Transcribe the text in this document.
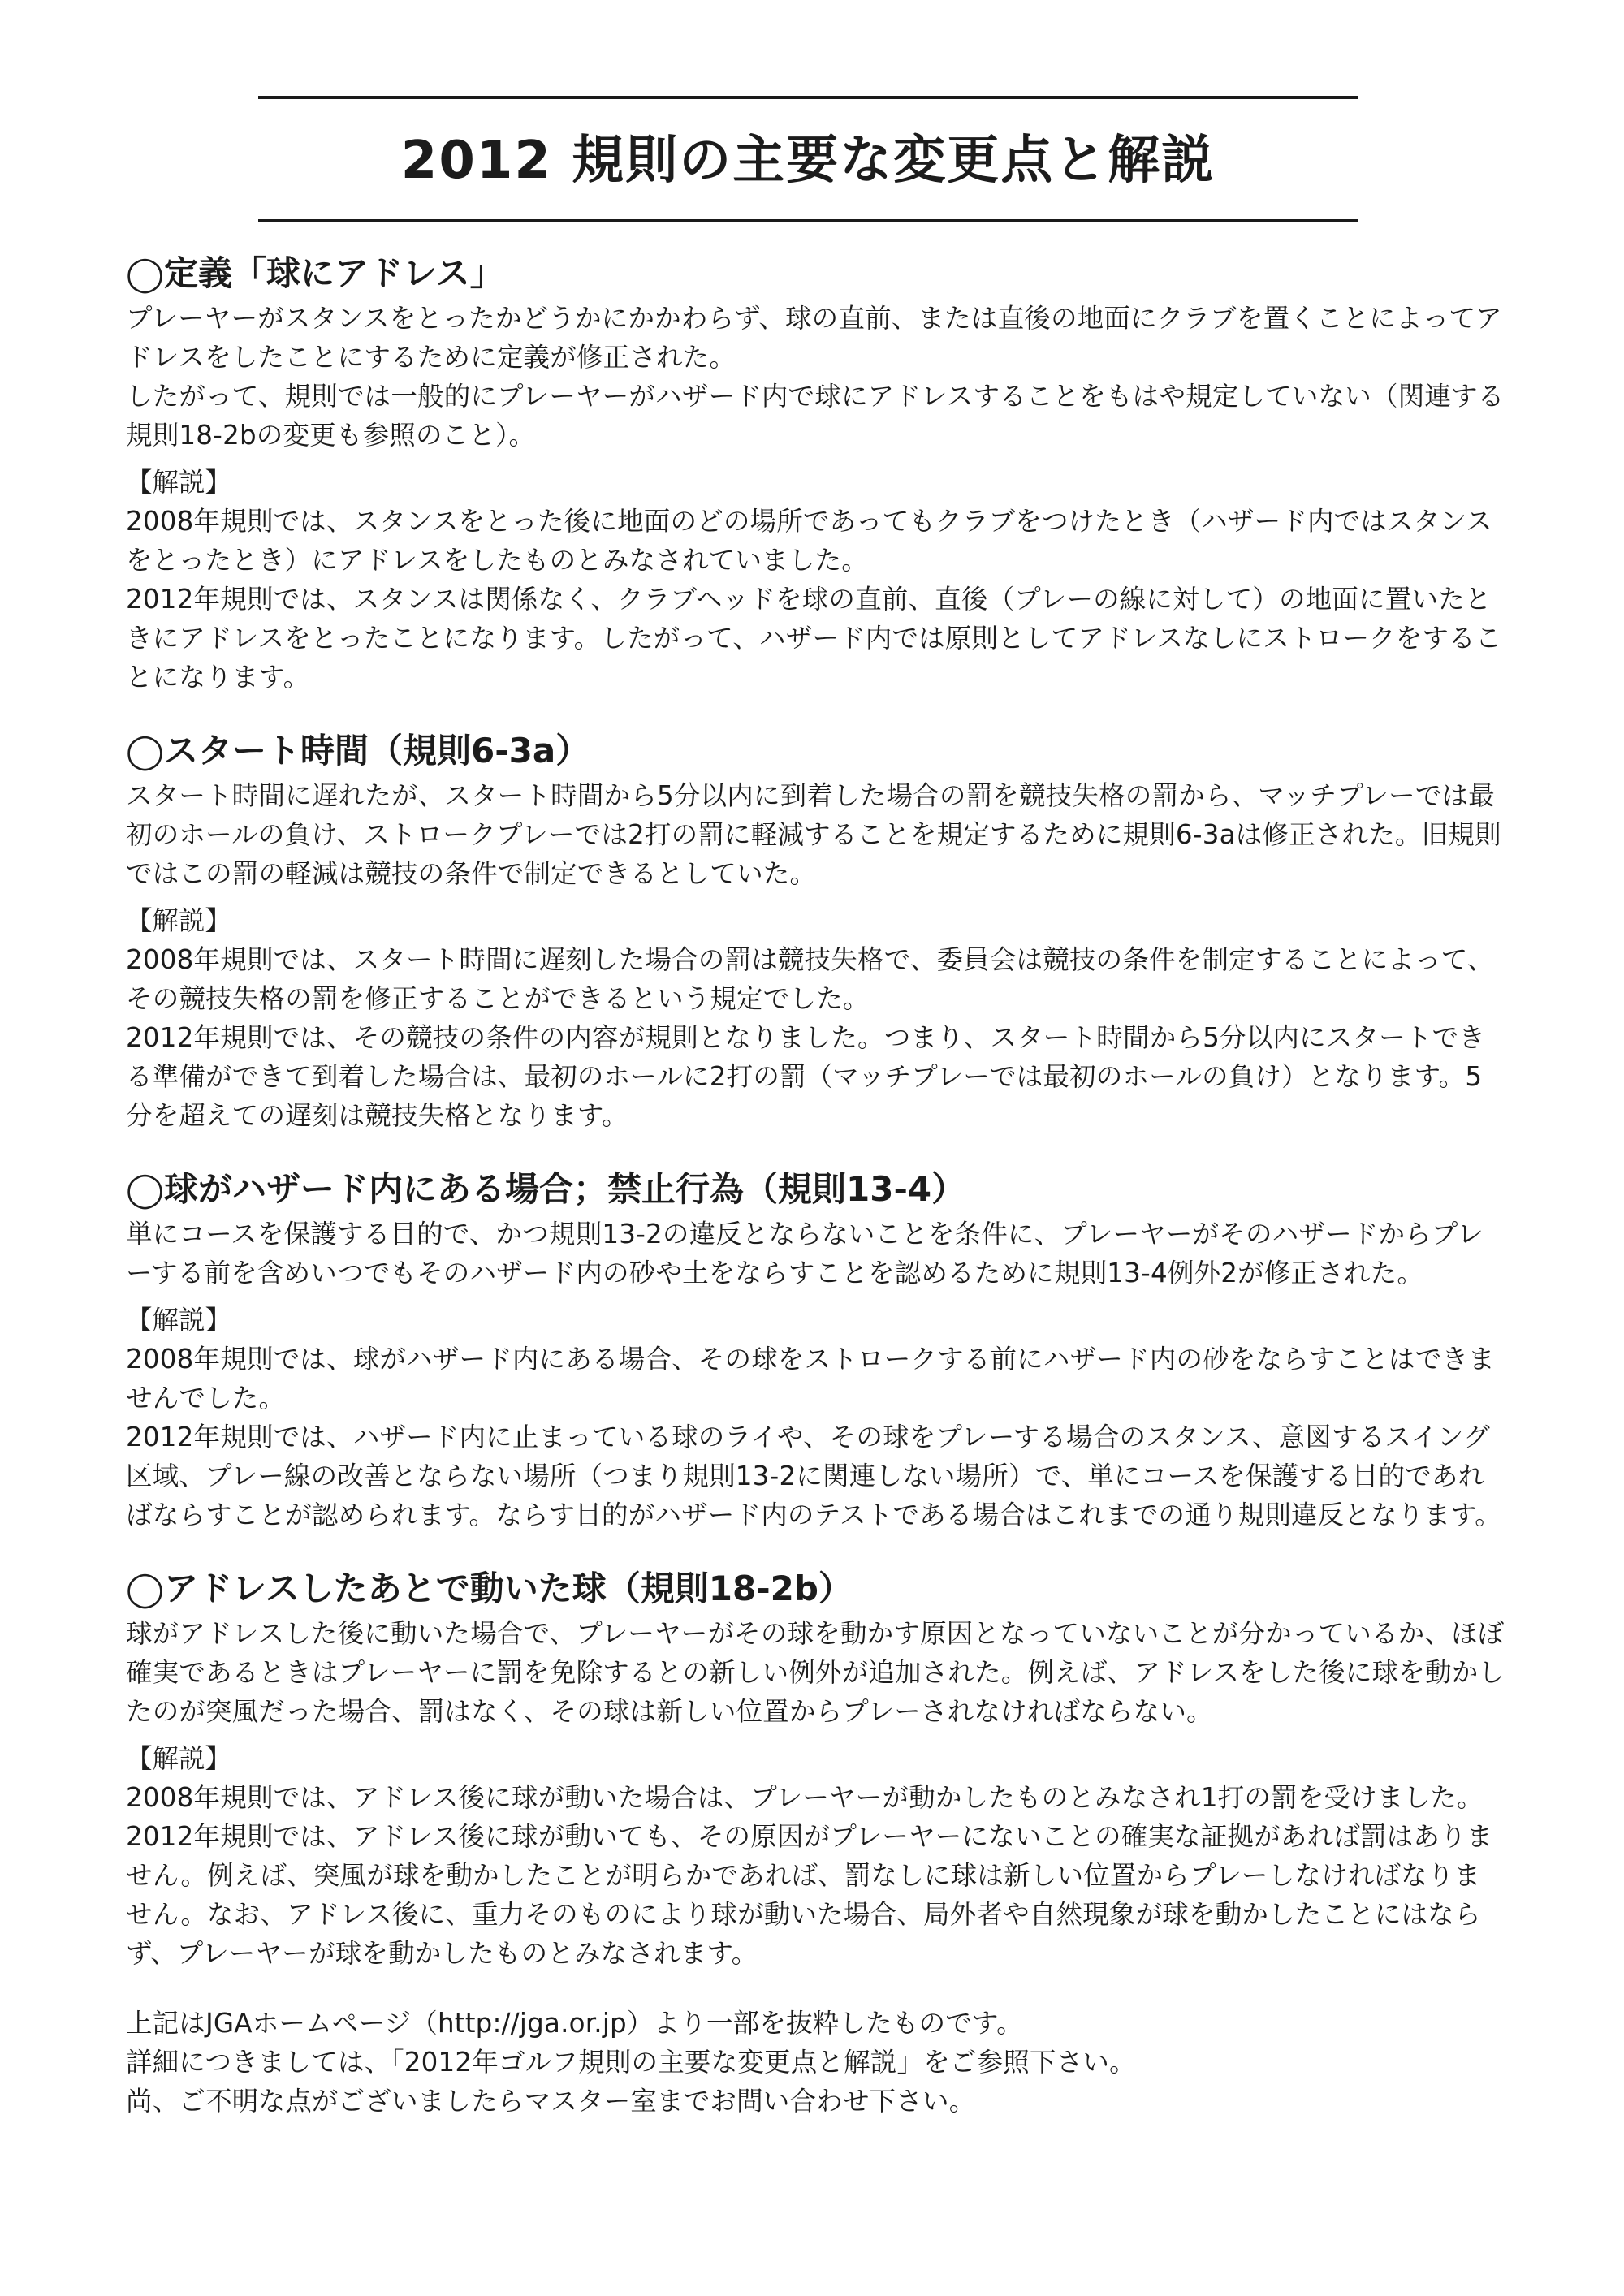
2012 規則の主要な変更点と解説
◯定義「球にアドレス」

プレーヤーがスタンスをとったかどうかにかかわらず、球の直前、または直後の地面にクラブを置くことによってアドレスをしたことにするために定義が修正された。

したがって、規則では一般的にプレーヤーがハザード内で球にアドレスすることをもはや規定していない（関連する規則18-2bの変更も参照のこと）。

【解説】

2008年規則では、スタンスをとった後に地面のどの場所であってもクラブをつけたとき（ハザード内ではスタンスをとったとき）にアドレスをしたものとみなされていました。

2012年規則では、スタンスは関係なく、クラブヘッドを球の直前、直後（プレーの線に対して）の地面に置いたときにアドレスをとったことになります。したがって、ハザード内では原則としてアドレスなしにストロークをすることになります。

◯スタート時間（規則6-3a）

スタート時間に遅れたが、スタート時間から5分以内に到着した場合の罰を競技失格の罰から、マッチプレーでは最初のホールの負け、ストロークプレーでは2打の罰に軽減することを規定するために規則6-3aは修正された。旧規則ではこの罰の軽減は競技の条件で制定できるとしていた。

【解説】

2008年規則では、スタート時間に遅刻した場合の罰は競技失格で、委員会は競技の条件を制定することによって、その競技失格の罰を修正することができるという規定でした。

2012年規則では、その競技の条件の内容が規則となりました。つまり、スタート時間から5分以内にスタートできる準備ができて到着した場合は、最初のホールに2打の罰（マッチプレーでは最初のホールの負け）となります。5分を超えての遅刻は競技失格となります。

◯球がハザード内にある場合；禁止行為（規則13-4）

単にコースを保護する目的で、かつ規則13-2の違反とならないことを条件に、プレーヤーがそのハザードからプレーする前を含めいつでもそのハザード内の砂や土をならすことを認めるために規則13-4例外2が修正された。

【解説】

2008年規則では、球がハザード内にある場合、その球をストロークする前にハザード内の砂をならすことはできませんでした。

2012年規則では、ハザード内に止まっている球のライや、その球をプレーする場合のスタンス、意図するスイング区域、プレー線の改善とならない場所（つまり規則13-2に関連しない場所）で、単にコースを保護する目的であればならすことが認められます。ならす目的がハザード内のテストである場合はこれまでの通り規則違反となります。

◯アドレスしたあとで動いた球（規則18-2b）

球がアドレスした後に動いた場合で、プレーヤーがその球を動かす原因となっていないことが分かっているか、ほぼ確実であるときはプレーヤーに罰を免除するとの新しい例外が追加された。例えば、アドレスをした後に球を動かしたのが突風だった場合、罰はなく、その球は新しい位置からプレーされなければならない。

【解説】

2008年規則では、アドレス後に球が動いた場合は、プレーヤーが動かしたものとみなされ1打の罰を受けました。

2012年規則では、アドレス後に球が動いても、その原因がプレーヤーにないことの確実な証拠があれば罰はありません。例えば、突風が球を動かしたことが明らかであれば、罰なしに球は新しい位置からプレーしなければなりません。なお、アドレス後に、重力そのものにより球が動いた場合、局外者や自然現象が球を動かしたことにはならず、プレーヤーが球を動かしたものとみなされます。

上記はJGAホームページ（http://jga.or.jp）より一部を抜粋したものです。

詳細につきましては、「2012年ゴルフ規則の主要な変更点と解説」をご参照下さい。

尚、ご不明な点がございましたらマスター室までお問い合わせ下さい。
